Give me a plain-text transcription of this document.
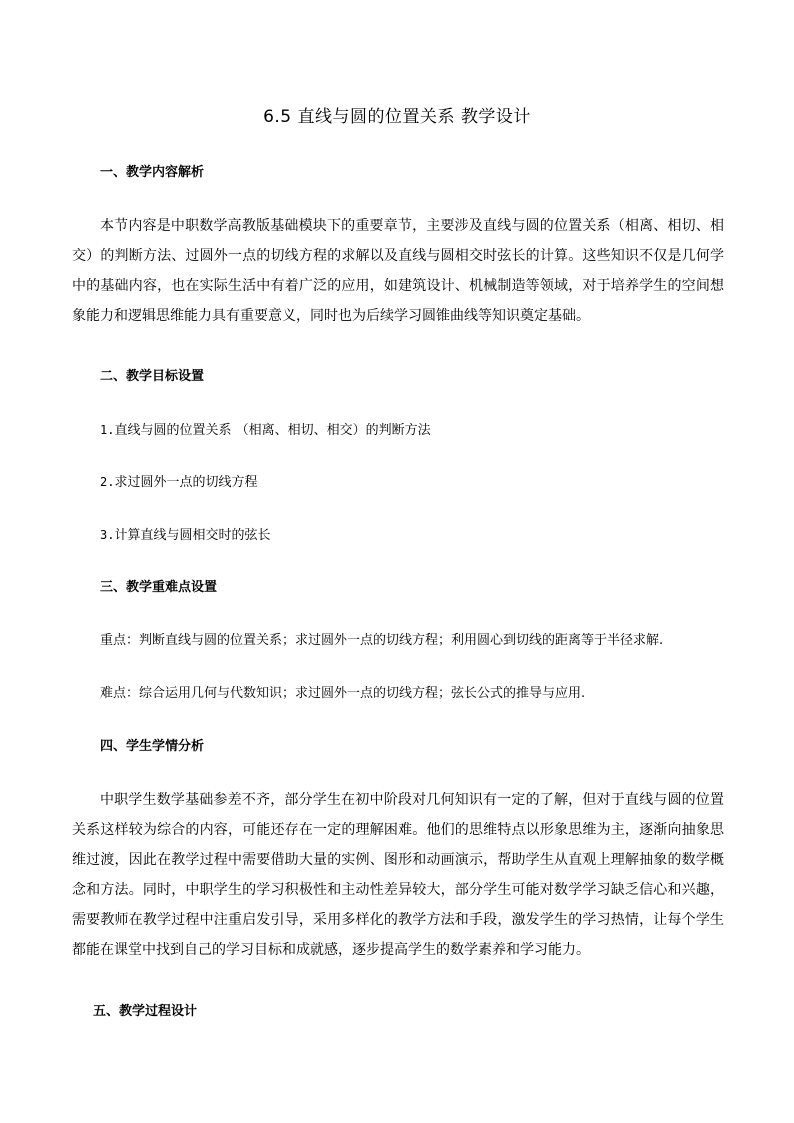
6.5 直线与圆的位置关系 教学设计
一、教学内容解析

本节内容是中职数学高教版基础模块下的重要章节，主要涉及直线与圆的位置关系（相离、相切、相交）的判断方法、过圆外一点的切线方程的求解以及直线与圆相交时弦长的计算。这些知识不仅是几何学中的基础内容，也在实际生活中有着广泛的应用，如建筑设计、机械制造等领域，对于培养学生的空间想象能力和逻辑思维能力具有重要意义，同时也为后续学习圆锥曲线等知识奠定基础。

二、教学目标设置

1.直线与圆的位置关系 （相离、相切、相交）的判断方法

2.求过圆外一点的切线方程

3.计算直线与圆相交时的弦长

三、教学重难点设置

重点：判断直线与圆的位置关系；求过圆外一点的切线方程；利用圆心到切线的距离等于半径求解.

难点：综合运用几何与代数知识；求过圆外一点的切线方程；弦长公式的推导与应用.

四、学生学情分析

中职学生数学基础参差不齐，部分学生在初中阶段对几何知识有一定的了解，但对于直线与圆的位置关系这样较为综合的内容，可能还存在一定的理解困难。他们的思维特点以形象思维为主，逐渐向抽象思维过渡，因此在教学过程中需要借助大量的实例、图形和动画演示，帮助学生从直观上理解抽象的数学概念和方法。同时，中职学生的学习积极性和主动性差异较大，部分学生可能对数学学习缺乏信心和兴趣，需要教师在教学过程中注重启发引导，采用多样化的教学方法和手段，激发学生的学习热情，让每个学生都能在课堂中找到自己的学习目标和成就感，逐步提高学生的数学素养和学习能力。

五、教学过程设计
